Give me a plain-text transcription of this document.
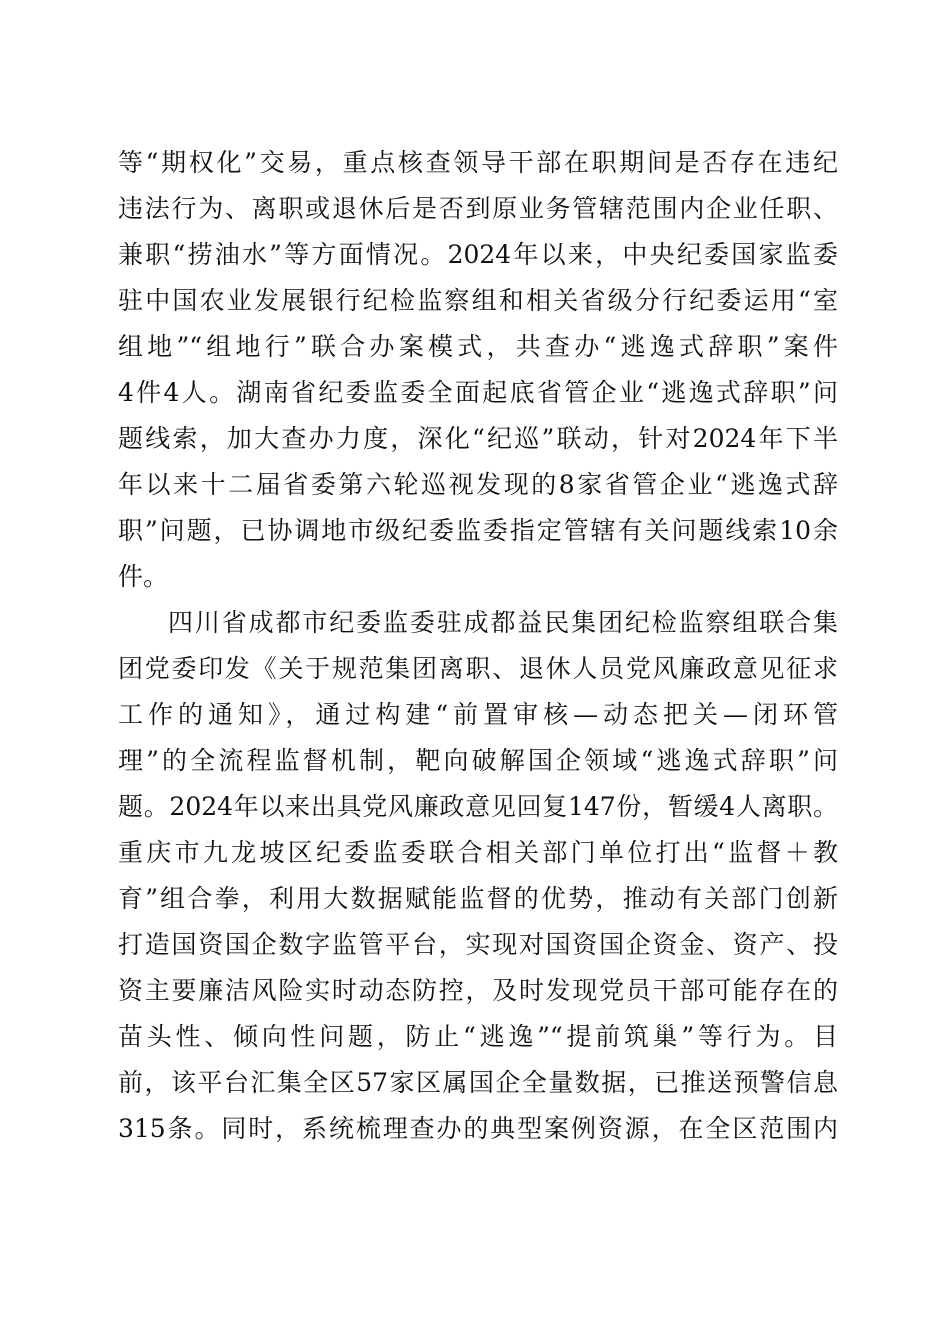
等“期权化”交易，重点核查领导干部在职期间是否存在违纪
违法行为、离职或退休后是否到原业务管辖范围内企业任职、
兼职“捞油水”等方面情况。2024年以来，中央纪委国家监委
驻中国农业发展银行纪检监察组和相关省级分行纪委运用“室
组地”“组地行”联合办案模式，共查办“逃逸式辞职”案件
4件4人。湖南省纪委监委全面起底省管企业“逃逸式辞职”问
题线索，加大查办力度，深化“纪巡”联动，针对2024年下半
年以来十二届省委第六轮巡视发现的8家省管企业“逃逸式辞
职”问题，已协调地市级纪委监委指定管辖有关问题线索10余
件。
四川省成都市纪委监委驻成都益民集团纪检监察组联合集
团党委印发《关于规范集团离职、退休人员党风廉政意见征求
工作的通知》，通过构建“前置审核—动态把关—闭环管
理”的全流程监督机制，靶向破解国企领域“逃逸式辞职”问
题。2024年以来出具党风廉政意见回复147份，暂缓4人离职。
重庆市九龙坡区纪委监委联合相关部门单位打出“监督＋教
育”组合拳，利用大数据赋能监督的优势，推动有关部门创新
打造国资国企数字监管平台，实现对国资国企资金、资产、投
资主要廉洁风险实时动态防控，及时发现党员干部可能存在的
苗头性、倾向性问题，防止“逃逸”“提前筑巢”等行为。目
前，该平台汇集全区57家区属国企全量数据，已推送预警信息
315条。同时，系统梳理查办的典型案例资源，在全区范围内
